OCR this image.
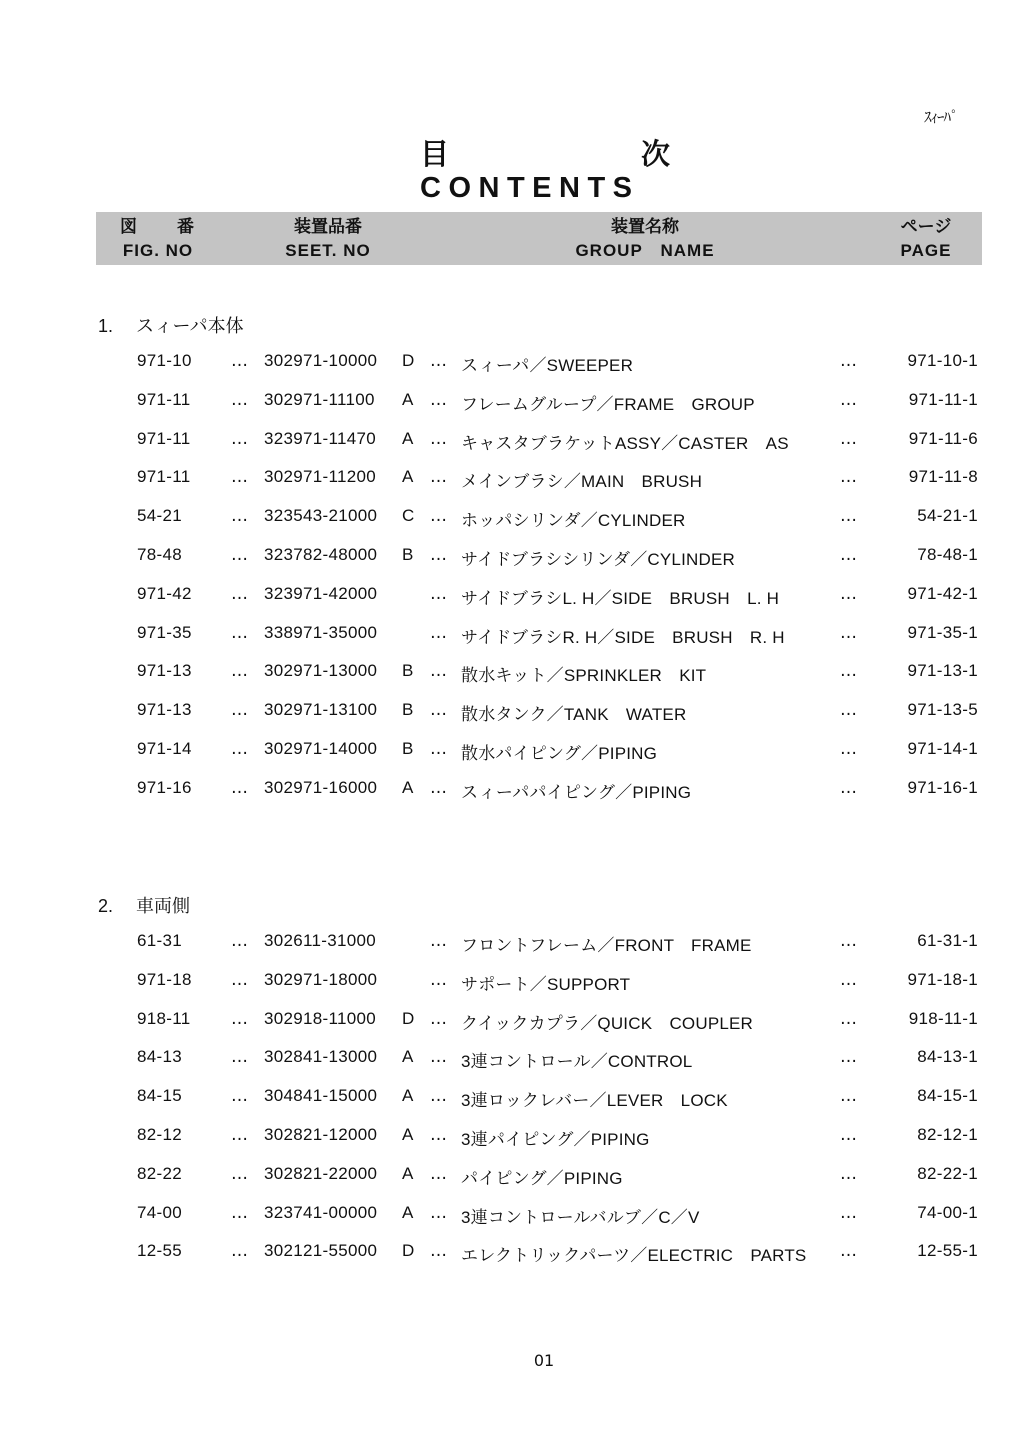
ｽｨｰﾊﾟ
目	次
CONTENTS
図 番
FIG. NO
装置品番
SEET. NO
装置名称
GROUP　NAME
ページ
PAGE
1. スィーパ本体
971-10 … 302971-10000 D … スィーパ／SWEEPER	…	971-10-1
971-11 … 302971-11100 A … フレームグループ／FRAME　GROUP	…	971-11-1
971-11 … 323971-11470 A … キャスタブラケットASSY／CASTER　AS	…	971-11-6
971-11 … 302971-11200 A … メインブラシ／MAIN　BRUSH	…	971-11-8
54-21	… 323543-21000 C … ホッパシリンダ／CYLINDER	…	54-21-1
78-48	… 323782-48000 B … サイドブラシシリンダ／CYLINDER	…	78-48-1
971-42 … 323971-42000	… サイドブラシL. H／SIDE　BRUSH　L. H	…	971-42-1
971-35 … 338971-35000	… サイドブラシR. H／SIDE　BRUSH　R. H	…	971-35-1
971-13 … 302971-13000 B … 散水キット／SPRINKLER　KIT	…	971-13-1
971-13 … 302971-13100 B … 散水タンク／TANK　WATER	…	971-13-5
971-14 … 302971-14000 B … 散水パイピング／PIPING	…	971-14-1
971-16 … 302971-16000 A … スィーパパイピング／PIPING	…	971-16-1
2. 車両側
61-31	… 302611-31000	… フロントフレーム／FRONT　FRAME	…	61-31-1
971-18 … 302971-18000	… サポート／SUPPORT	…	971-18-1
918-11 … 302918-11000 D … クイックカプラ／QUICK　COUPLER	…	918-11-1
84-13	… 302841-13000 A … 3連コントロール／CONTROL	…	84-13-1
84-15	… 304841-15000 A … 3連ロックレバー／LEVER　LOCK	…	84-15-1
82-12	… 302821-12000 A … 3連パイピング／PIPING	…	82-12-1
82-22	… 302821-22000 A … パイピング／PIPING	…	82-22-1
74-00	… 323741-00000 A … 3連コントロールバルブ／C／V	…	74-00-1
12-55	… 302121-55000 D … エレクトリックパーツ／ELECTRIC　PARTS …	12-55-1
01
